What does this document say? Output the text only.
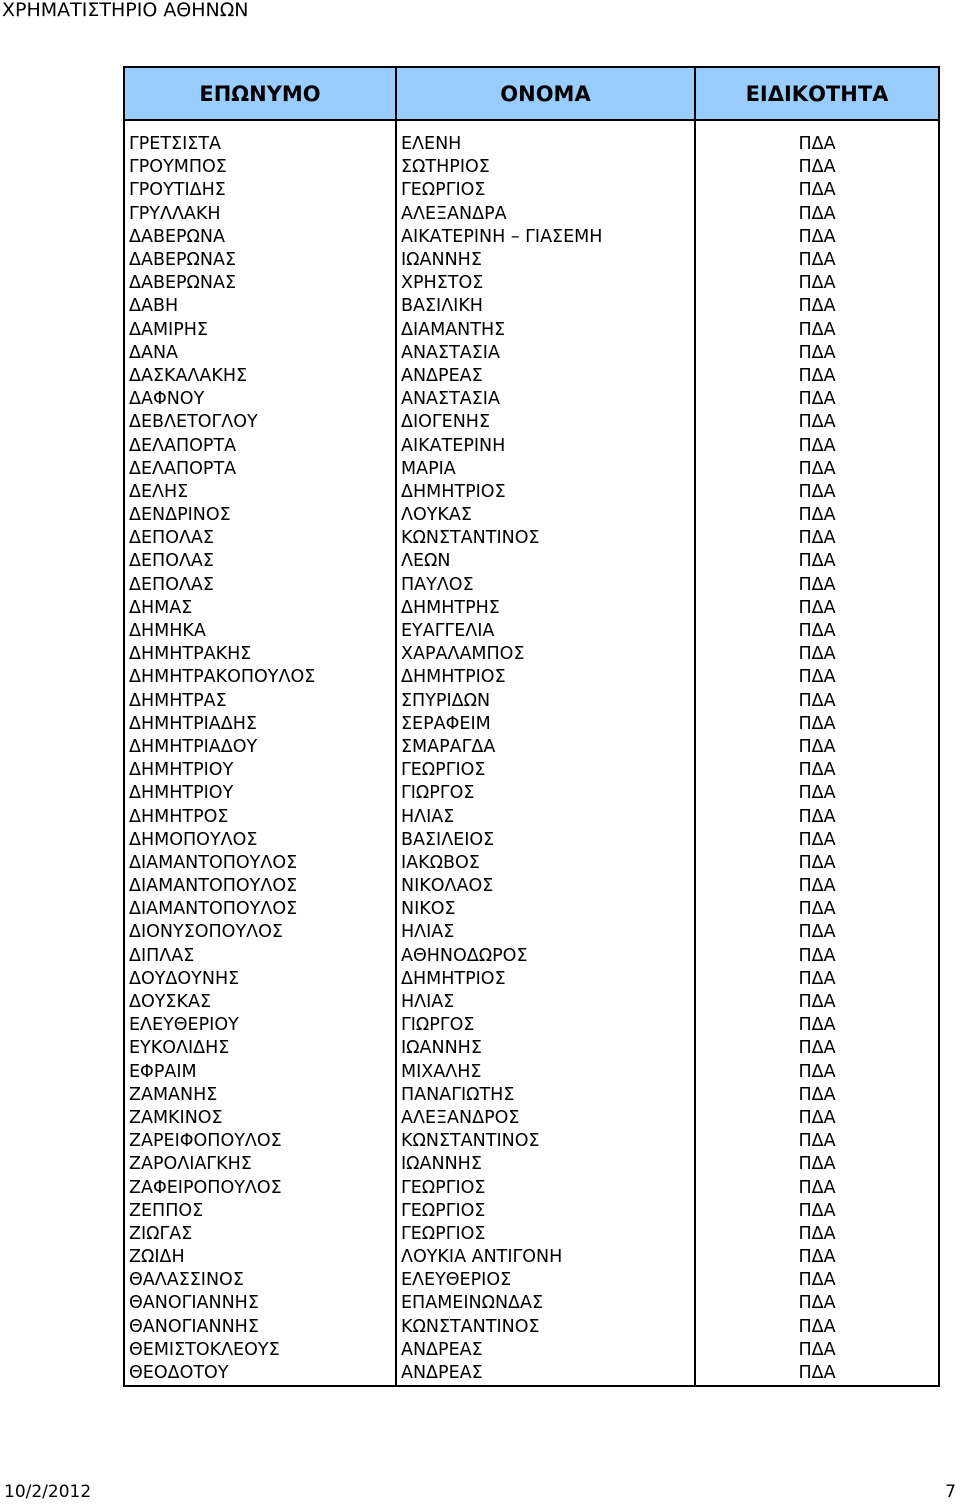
ΧΡΗΜΑΤΙΣΤΗΡΙΟ ΑΘΗΝΩΝ
ΕΠΩΝΥΜΟ	ΟΝΟΜΑ	ΕΙΔΙΚΟΤΗΤΑ

ΓΡΕΤΣΙΣΤΑ	ΕΛΕΝΗ	ΠΔΑ
ΓΡΟΥΜΠΟΣ	ΣΩΤΗΡΙΟΣ	ΠΔΑ
ΓΡΟΥΤΙΔΗΣ	ΓΕΩΡΓΙΟΣ	ΠΔΑ
ΓΡΥΛΛΑΚΗ	ΑΛΕΞΑΝΔΡΑ	ΠΔΑ
ΔΑΒΕΡΩΝΑ	ΑΙΚΑΤΕΡΙΝΗ – ΓΙΑΣΕΜΗ	ΠΔΑ
ΔΑΒΕΡΩΝΑΣ	ΙΩΑΝΝΗΣ	ΠΔΑ
ΔΑΒΕΡΩΝΑΣ	ΧΡΗΣΤΟΣ	ΠΔΑ
ΔΑΒΗ	ΒΑΣΙΛΙΚΗ	ΠΔΑ
ΔΑΜΙΡΗΣ	ΔΙΑΜΑΝΤΗΣ	ΠΔΑ
ΔΑΝΑ	ΑΝΑΣΤΑΣΙΑ	ΠΔΑ
ΔΑΣΚΑΛΑΚΗΣ	ΑΝΔΡΕΑΣ	ΠΔΑ
ΔΑΦΝΟΥ	ΑΝΑΣΤΑΣΙΑ	ΠΔΑ
ΔΕΒΛΕΤΟΓΛΟΥ	ΔΙΟΓΕΝΗΣ	ΠΔΑ
ΔΕΛΑΠΟΡΤΑ	ΑΙΚΑΤΕΡΙΝΗ	ΠΔΑ
ΔΕΛΑΠΟΡΤΑ	ΜΑΡΙΑ	ΠΔΑ
ΔΕΛΗΣ	ΔΗΜΗΤΡΙΟΣ	ΠΔΑ
ΔΕΝΔΡΙΝΟΣ	ΛΟΥΚΑΣ	ΠΔΑ
ΔΕΠΟΛΑΣ	ΚΩΝΣΤΑΝΤΙΝΟΣ	ΠΔΑ
ΔΕΠΟΛΑΣ	ΛΕΩΝ	ΠΔΑ
ΔΕΠΟΛΑΣ	ΠΑΥΛΟΣ	ΠΔΑ
ΔΗΜΑΣ	ΔΗΜΗΤΡΗΣ	ΠΔΑ
ΔΗΜΗΚΑ	ΕΥΑΓΓΕΛΙΑ	ΠΔΑ
ΔΗΜΗΤΡΑΚΗΣ	ΧΑΡΑΛΑΜΠΟΣ	ΠΔΑ
ΔΗΜΗΤΡΑΚΟΠΟΥΛΟΣ	ΔΗΜΗΤΡΙΟΣ	ΠΔΑ
ΔΗΜΗΤΡΑΣ	ΣΠΥΡΙΔΩΝ	ΠΔΑ
ΔΗΜΗΤΡΙΑΔΗΣ	ΣΕΡΑΦΕΙΜ	ΠΔΑ
ΔΗΜΗΤΡΙΑΔΟΥ	ΣΜΑΡΑΓΔΑ	ΠΔΑ
ΔΗΜΗΤΡΙΟΥ	ΓΕΩΡΓΙΟΣ	ΠΔΑ
ΔΗΜΗΤΡΙΟΥ	ΓΙΩΡΓΟΣ	ΠΔΑ
ΔΗΜΗΤΡΟΣ	ΗΛΙΑΣ	ΠΔΑ
ΔΗΜΟΠΟΥΛΟΣ	ΒΑΣΙΛΕΙΟΣ	ΠΔΑ
ΔΙΑΜΑΝΤΟΠΟΥΛΟΣ	ΙΑΚΩΒΟΣ	ΠΔΑ
ΔΙΑΜΑΝΤΟΠΟΥΛΟΣ	ΝΙΚΟΛΑΟΣ	ΠΔΑ
ΔΙΑΜΑΝΤΟΠΟΥΛΟΣ	ΝΙΚΟΣ	ΠΔΑ
ΔΙΟΝΥΣΟΠΟΥΛΟΣ	ΗΛΙΑΣ	ΠΔΑ
ΔΙΠΛΑΣ	ΑΘΗΝΟΔΩΡΟΣ	ΠΔΑ
ΔΟΥΔΟΥΝΗΣ	ΔΗΜΗΤΡΙΟΣ	ΠΔΑ
ΔΟΥΣΚΑΣ	ΗΛΙΑΣ	ΠΔΑ
ΕΛΕΥΘΕΡΙΟΥ	ΓΙΩΡΓΟΣ	ΠΔΑ
ΕΥΚΟΛΙΔΗΣ	ΙΩΑΝΝΗΣ	ΠΔΑ
ΕΦΡΑΙΜ	ΜΙΧΑΛΗΣ	ΠΔΑ
ΖΑΜΑΝΗΣ	ΠΑΝΑΓΙΩΤΗΣ	ΠΔΑ
ΖΑΜΚΙΝΟΣ	ΑΛΕΞΑΝΔΡΟΣ	ΠΔΑ
ΖΑΡΕΙΦΟΠΟΥΛΟΣ	ΚΩΝΣΤΑΝΤΙΝΟΣ	ΠΔΑ
ΖΑΡΟΛΙΑΓΚΗΣ	ΙΩΑΝΝΗΣ	ΠΔΑ
ΖΑΦΕΙΡΟΠΟΥΛΟΣ	ΓΕΩΡΓΙΟΣ	ΠΔΑ
ΖΕΠΠΟΣ	ΓΕΩΡΓΙΟΣ	ΠΔΑ
ΖΙΩΓΑΣ	ΓΕΩΡΓΙΟΣ	ΠΔΑ
ΖΩΙΔΗ	ΛΟΥΚΙΑ ΑΝΤΙΓΟΝΗ	ΠΔΑ
ΘΑΛΑΣΣΙΝΟΣ	ΕΛΕΥΘΕΡΙΟΣ	ΠΔΑ
ΘΑΝΟΓΙΑΝΝΗΣ	ΕΠΑΜΕΙΝΩΝΔΑΣ	ΠΔΑ
ΘΑΝΟΓΙΑΝΝΗΣ	ΚΩΝΣΤΑΝΤΙΝΟΣ	ΠΔΑ
ΘΕΜΙΣΤΟΚΛΕΟΥΣ	ΑΝΔΡΕΑΣ	ΠΔΑ
ΘΕΟΔΟΤΟΥ	ΑΝΔΡΕΑΣ	ΠΔΑ
10/2/2012	7
